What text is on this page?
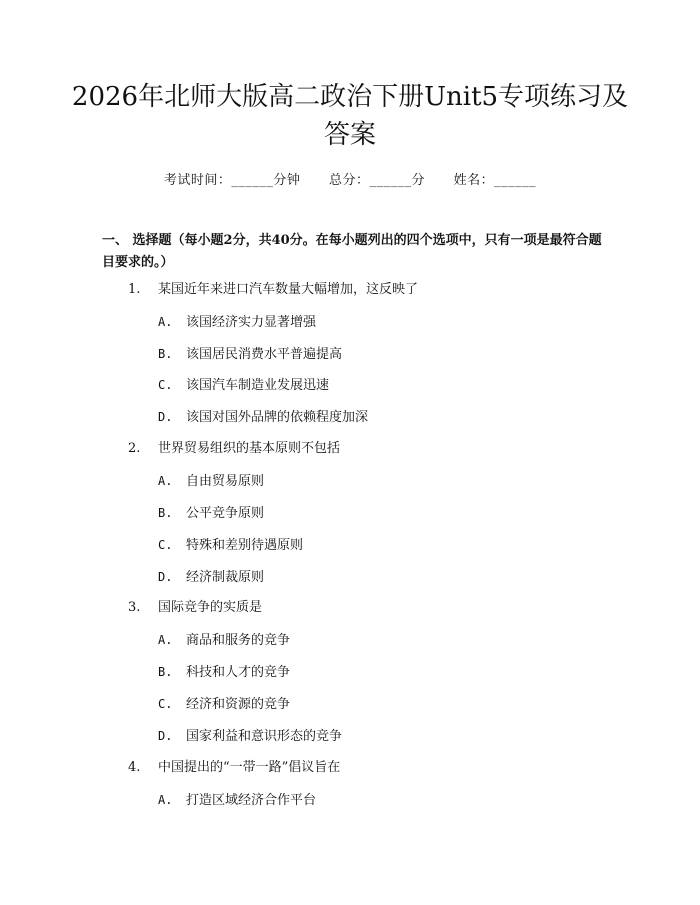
2026年北师大版高二政治下册Unit5专项练习及答案
考试时间：______分钟 总分：______分 姓名：______
一、 选择题（每小题2分，共40分。在每小题列出的四个选项中，只有一项是最符合题目要求的。）
1. 某国近年来进口汽车数量大幅增加，这反映了
A. 该国经济实力显著增强
B. 该国居民消费水平普遍提高
C. 该国汽车制造业发展迅速
D. 该国对国外品牌的依赖程度加深
2. 世界贸易组织的基本原则不包括
A. 自由贸易原则
B. 公平竞争原则
C. 特殊和差别待遇原则
D. 经济制裁原则
3. 国际竞争的实质是
A. 商品和服务的竞争
B. 科技和人才的竞争
C. 经济和资源的竞争
D. 国家利益和意识形态的竞争
4. 中国提出的“一带一路”倡议旨在
A. 打造区域经济合作平台
